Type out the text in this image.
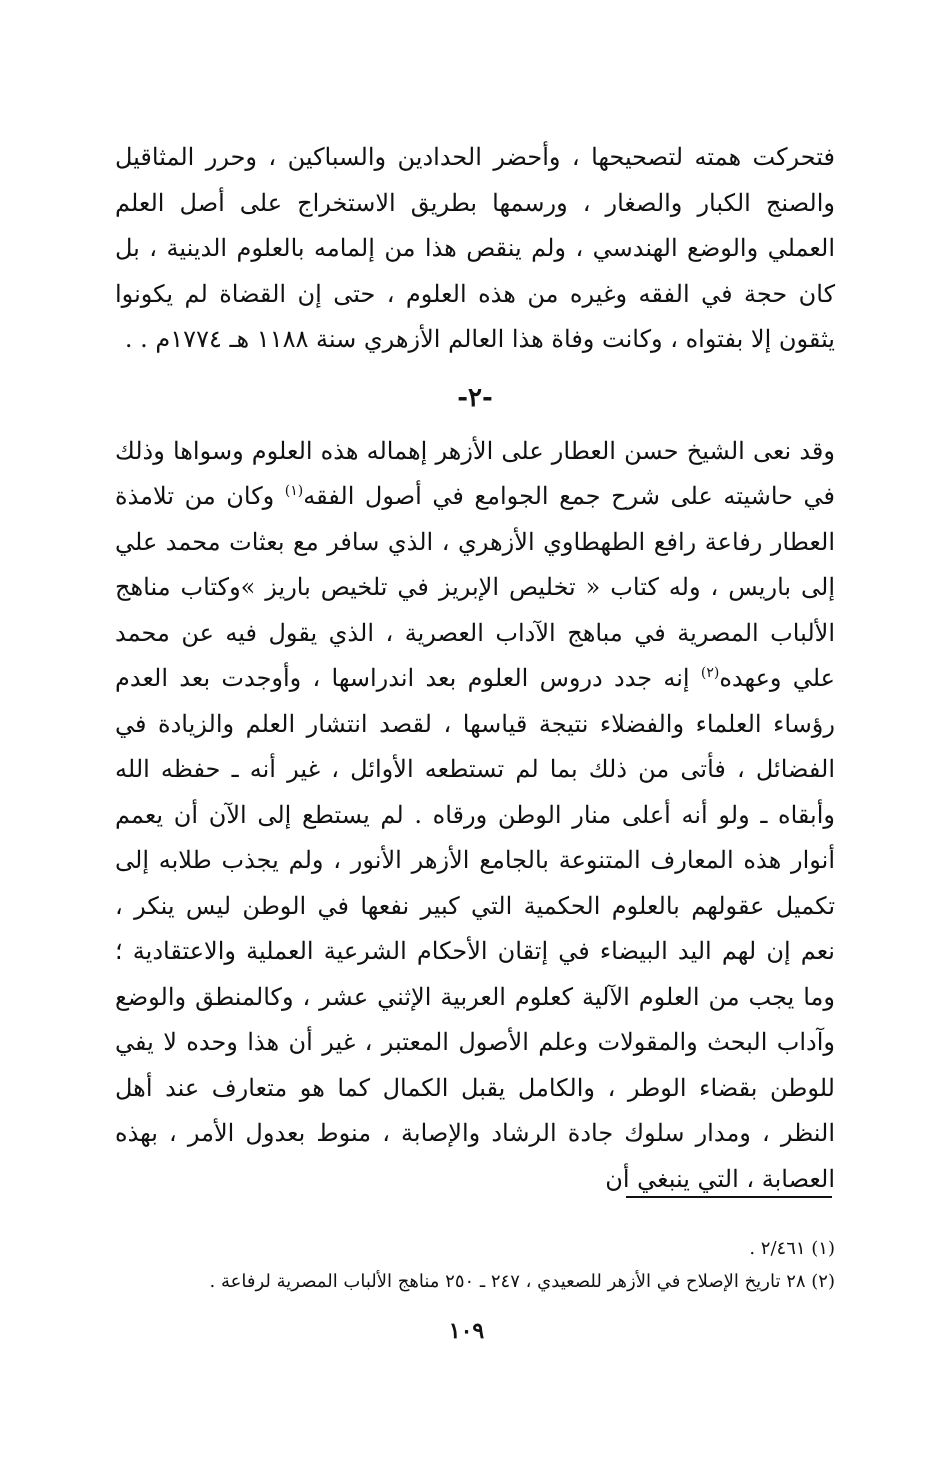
فتحركت همته لتصحيحها ، وأحضر الحدادين والسباكين ، وحرر المثاقيل والصنج الكبار والصغار ، ورسمها بطريق الاستخراج على أصل العلم العملي والوضع الهندسي ، ولم ينقص هذا من إلمامه بالعلوم الدينية ، بل كان حجة في الفقه وغيره من هذه العلوم ، حتى إن القضاة لم يكونوا يثقون إلا بفتواه ، وكانت وفاة هذا العالم الأزهري سنة ١١٨٨ هـ ١٧٧٤م . .

-٢-

وقد نعى الشيخ حسن العطار على الأزهر إهماله هذه العلوم وسواها وذلك في حاشيته على شرح جمع الجوامع في أصول الفقه$^{(١)}$ وكان من تلامذة العطار رفاعة رافع الطهطاوي الأزهري ، الذي سافر مع بعثات محمد علي إلى باريس ، وله كتاب « تخليص الإبريز في تلخيص باريز »وكتاب مناهج الألباب المصرية في مباهج الآداب العصرية ، الذي يقول فيه عن محمد علي وعهده$^{(٢)}$ إنه جدد دروس العلوم بعد اندراسها ، وأوجدت بعد العدم رؤساء العلماء والفضلاء نتيجة قياسها ، لقصد انتشار العلم والزيادة في الفضائل ، فأتى من ذلك بما لم تستطعه الأوائل ، غير أنه ـ حفظه الله وأبقاه ـ ولو أنه أعلى منار الوطن ورقاه . لم يستطع إلى الآن أن يعمم أنوار هذه المعارف المتنوعة بالجامع الأزهر الأنور ، ولم يجذب طلابه إلى تكميل عقولهم بالعلوم الحكمية التي كبير نفعها في الوطن ليس ينكر ، نعم إن لهم اليد البيضاء في إتقان الأحكام الشرعية العملية والاعتقادية ؛ وما يجب من العلوم الآلية كعلوم العربية الإثني عشر ، وكالمنطق والوضع وآداب البحث والمقولات وعلم الأصول المعتبر ، غير أن هذا وحده لا يفي للوطن بقضاء الوطر ، والكامل يقبل الكمال كما هو متعارف عند أهل النظر ، ومدار سلوك جادة الرشاد والإصابة ، منوط بعدول الأمر ، بهذه العصابة ، التي ينبغي أن

(١) ٢/٤٦١ .

(٢) ٢٨ تاريخ الإصلاح في الأزهر للصعيدي ، ٢٤٧ ـ ٢٥٠ مناهج الألباب المصرية لرفاعة .

١٠٩
